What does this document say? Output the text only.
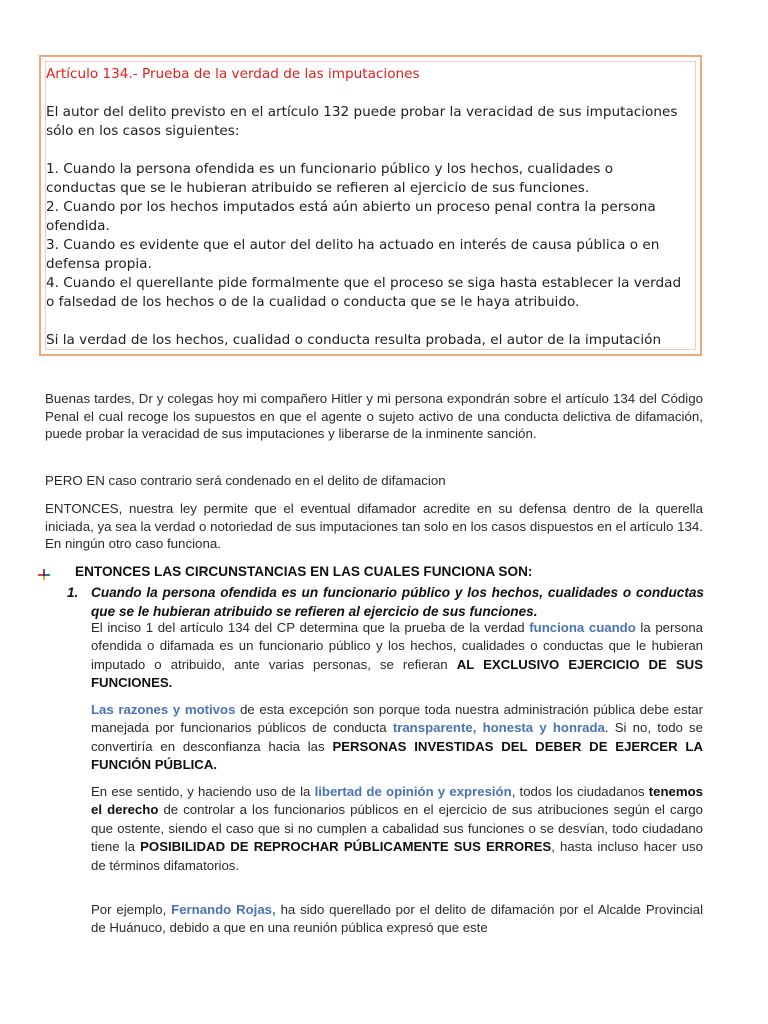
Artículo 134.- Prueba de la verdad de las imputaciones

El autor del delito previsto en el artículo 132 puede probar la veracidad de sus imputaciones sólo en los casos siguientes:

1. Cuando la persona ofendida es un funcionario público y los hechos, cualidades o conductas que se le hubieran atribuido se refieren al ejercicio de sus funciones.

2. Cuando por los hechos imputados está aún abierto un proceso penal contra la persona ofendida.

3. Cuando es evidente que el autor del delito ha actuado en interés de causa pública o en defensa propia.

4. Cuando el querellante pide formalmente que el proceso se siga hasta establecer la verdad o falsedad de los hechos o de la cualidad o conducta que se le haya atribuido.

Si la verdad de los hechos, cualidad o conducta resulta probada, el autor de la imputación

Buenas tardes, Dr y colegas hoy mi compañero Hitler y mi persona expondrán sobre el artículo 134 del Código Penal el cual recoge los supuestos en que el agente o sujeto activo de una conducta delictiva de difamación, puede probar la veracidad de sus imputaciones y liberarse de la inminente sanción.
PERO EN caso contrario será condenado en el delito de difamacion
ENTONCES, nuestra ley permite que el eventual difamador acredite en su defensa dentro de la querella iniciada, ya sea la verdad o notoriedad de sus imputaciones tan solo en los casos dispuestos en el artículo 134. En ningún otro caso funciona.
ENTONCES LAS CIRCUNSTANCIAS EN LAS CUALES FUNCIONA SON:
1. Cuando la persona ofendida es un funcionario público y los hechos, cualidades o conductas que se le hubieran atribuido se refieren al ejercicio de sus funciones.
El inciso 1 del artículo 134 del CP determina que la prueba de la verdad funciona cuando la persona ofendida o difamada es un funcionario público y los hechos, cualidades o conductas que le hubieran imputado o atribuido, ante varias personas, se refieran AL EXCLUSIVO EJERCICIO DE SUS FUNCIONES.
Las razones y motivos de esta excepción son porque toda nuestra administración pública debe estar manejada por funcionarios públicos de conducta transparente, honesta y honrada. Si no, todo se convertiría en desconfianza hacia las PERSONAS INVESTIDAS DEL DEBER DE EJERCER LA FUNCIÓN PÚBLICA.
En ese sentido, y haciendo uso de la libertad de opinión y expresión, todos los ciudadanos tenemos el derecho de controlar a los funcionarios públicos en el ejercicio de sus atribuciones según el cargo que ostente, siendo el caso que si no cumplen a cabalidad sus funciones o se desvían, todo ciudadano tiene la POSIBILIDAD DE REPROCHAR PÚBLICAMENTE SUS ERRORES, hasta incluso hacer uso de términos difamatorios.
Por ejemplo, Fernando Rojas, ha sido querellado por el delito de difamación por el Alcalde Provincial de Huánuco, debido a que en una reunión pública expresó que este
